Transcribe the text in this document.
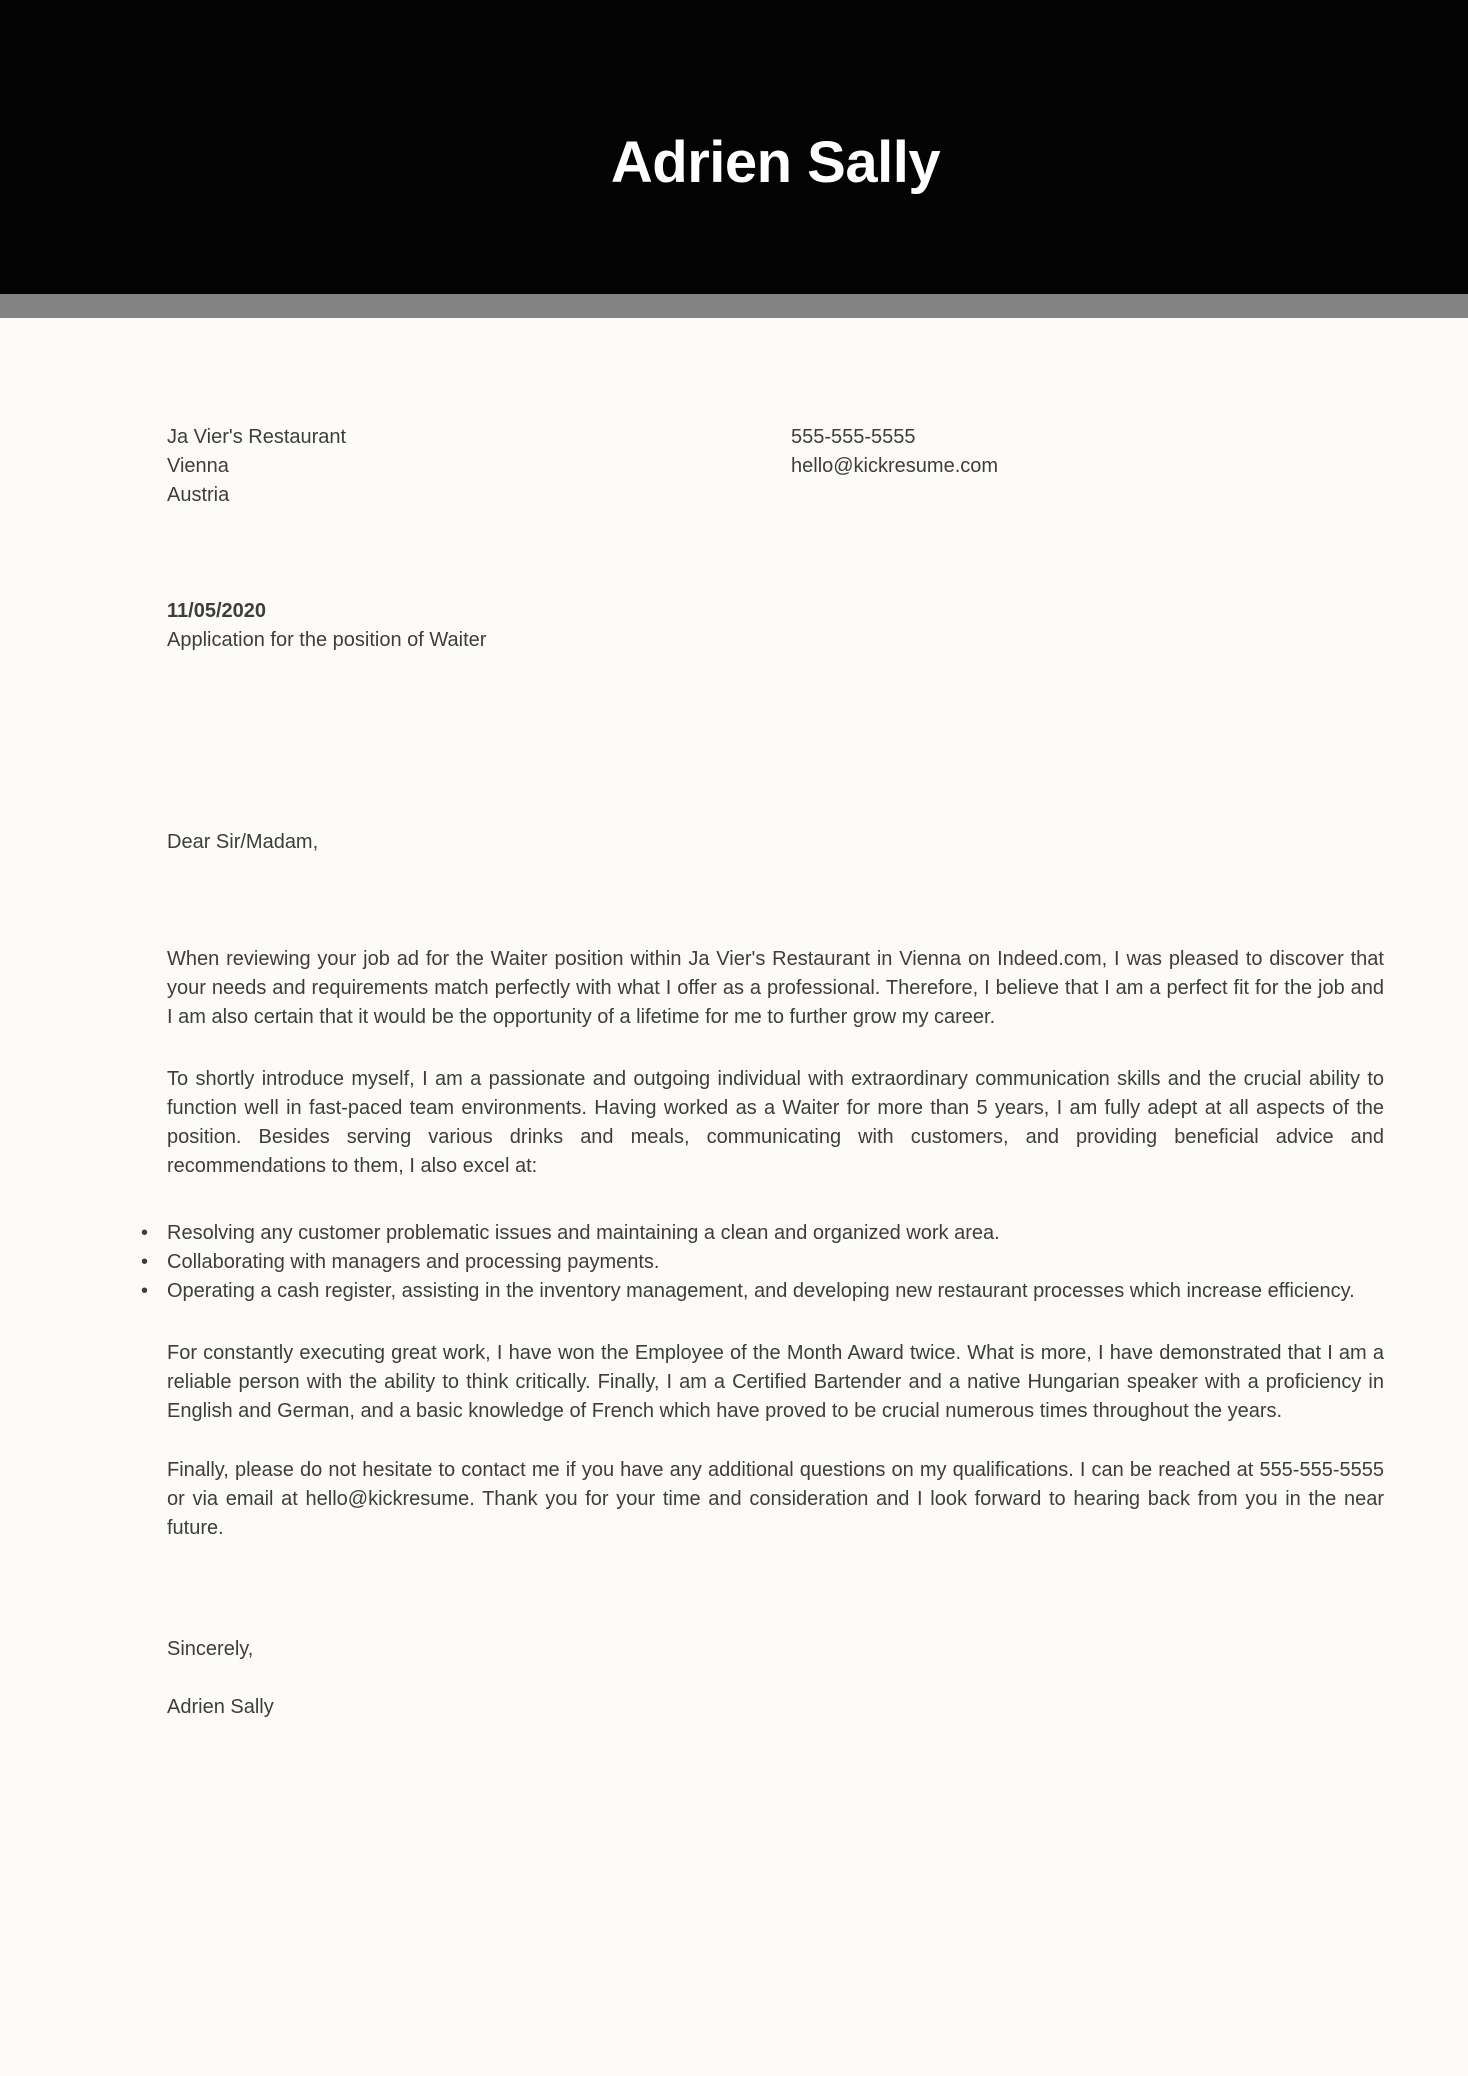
Adrien Sally
Ja Vier's Restaurant
Vienna
Austria
555-555-5555
hello@kickresume.com
11/05/2020
Application for the position of Waiter

Dear Sir/Madam,

When reviewing your job ad for the Waiter position within Ja Vier's Restaurant in Vienna on Indeed.com, I was pleased to discover that your needs and requirements match perfectly with what I offer as a professional. Therefore, I believe that I am a perfect fit for the job and I am also certain that it would be the opportunity of a lifetime for me to further grow my career.

To shortly introduce myself, I am a passionate and outgoing individual with extraordinary communication skills and the crucial ability to function well in fast-paced team environments. Having worked as a Waiter for more than 5 years, I am fully adept at all aspects of the position. Besides serving various drinks and meals, communicating with customers, and providing beneficial advice and recommendations to them, I also excel at:

• Resolving any customer problematic issues and maintaining a clean and organized work area.
• Collaborating with managers and processing payments.
• Operating a cash register, assisting in the inventory management, and developing new restaurant processes which increase efficiency.

For constantly executing great work, I have won the Employee of the Month Award twice. What is more, I have demonstrated that I am a reliable person with the ability to think critically. Finally, I am a Certified Bartender and a native Hungarian speaker with a proficiency in English and German, and a basic knowledge of French which have proved to be crucial numerous times throughout the years.

Finally, please do not hesitate to contact me if you have any additional questions on my qualifications. I can be reached at 555-555-5555 or via email at hello@kickresume. Thank you for your time and consideration and I look forward to hearing back from you in the near future.

Sincerely,

Adrien Sally
